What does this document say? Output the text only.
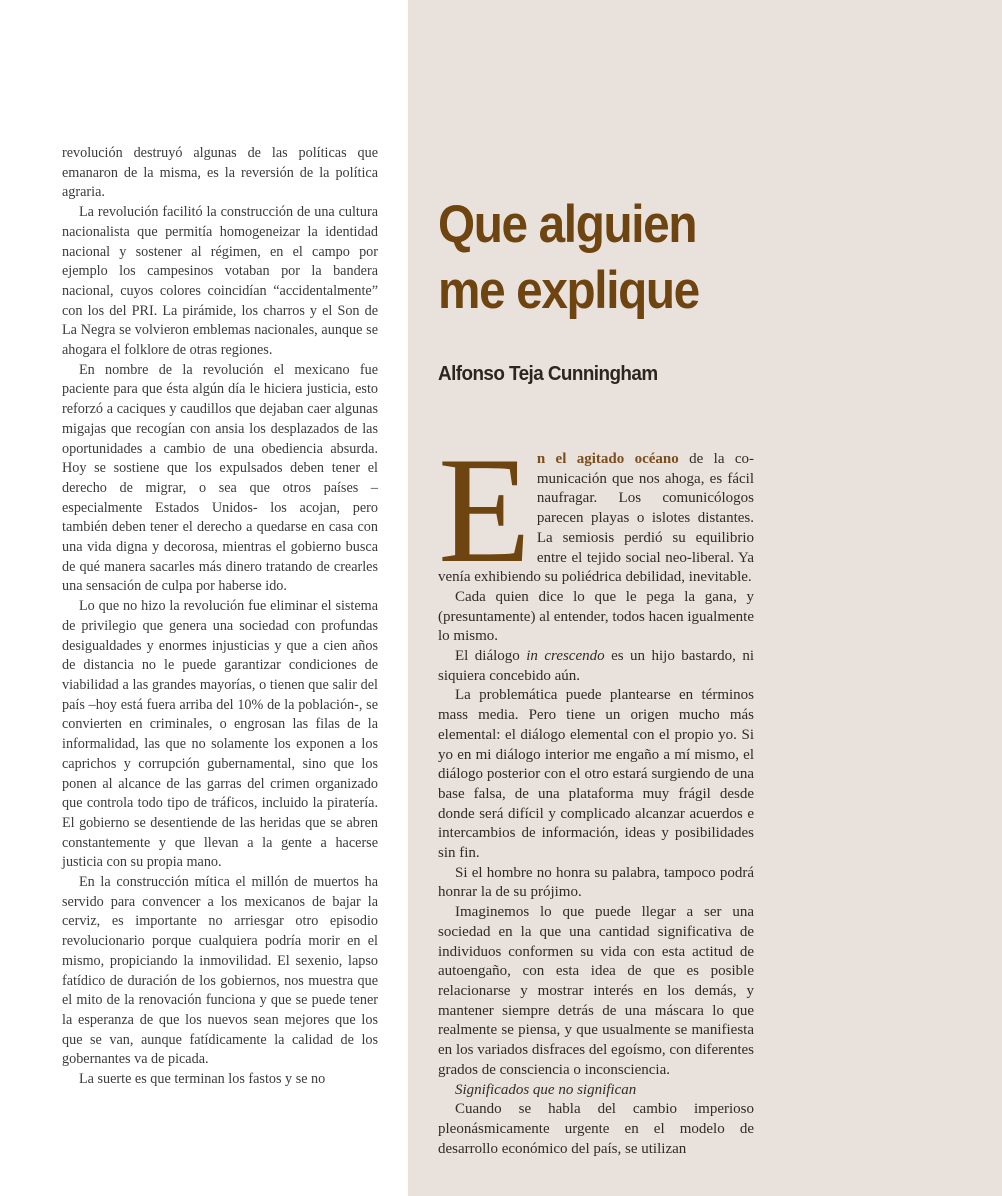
revolución destruyó algunas de las políticas que emanaron de la misma, es la reversión de la política agraria.

La revolución facilitó la construcción de una cultura nacionalista que permitía homogeneizar la identidad nacional y sostener al régimen, en el campo por ejemplo los campesinos votaban por la bandera nacional, cuyos colores coincidían “accidentalmente” con los del PRI. La pirámide, los charros y el Son de La Negra se volvieron emblemas nacionales, aunque se ahogara el folklore de otras regiones.

En nombre de la revolución el mexicano fue paciente para que ésta algún día le hiciera justicia, esto reforzó a caciques y caudillos que dejaban caer algunas migajas que recogían con ansia los desplazados de las oportunidades a cambio de una obediencia absurda. Hoy se sostiene que los expulsados deben tener el derecho de migrar, o sea que otros países –especialmente Estados Unidos- los acojan, pero también deben tener el derecho a quedarse en casa con una vida digna y decorosa, mientras el gobierno busca de qué manera sacarles más dinero tratando de crearles una sensación de culpa por haberse ido.

Lo que no hizo la revolución fue eliminar el sistema de privilegio que genera una sociedad con profundas desigualdades y enormes injusticias y que a cien años de distancia no le puede garantizar condiciones de viabilidad a las grandes mayorías, o tienen que salir del país –hoy está fuera arriba del 10% de la población-, se convierten en criminales, o engrosan las filas de la informalidad, las que no solamente los exponen a los caprichos y corrupción gubernamental, sino que los ponen al alcance de las garras del crimen organizado que controla todo tipo de tráficos, incluido la piratería. El gobierno se desentiende de las heridas que se abren constantemente y que llevan a la gente a hacerse justicia con su propia mano.

En la construcción mítica el millón de muertos ha servido para convencer a los mexicanos de bajar la cerviz, es importante no arriesgar otro episodio revolucionario porque cualquiera podría morir en el mismo, propiciando la inmovilidad. El sexenio, lapso fatídico de duración de los gobiernos, nos muestra que el mito de la renovación funciona y que se puede tener la esperanza de que los nuevos sean mejores que los que se van, aunque fatídicamente la calidad de los gobernantes va de picada.

La suerte es que terminan los fastos y se no

Que alguien
me explique
Alfonso Teja Cunningham

En el agitado océano de la comunicación que nos ahoga, es fácil naufragar. Los comunicólogos parecen playas o islotes distantes. La semiosis perdió su equilibrio entre el tejido social neo-liberal. Ya venía exhibiendo su poliédrica debilidad, inevitable.

Cada quien dice lo que le pega la gana, y (presuntamente) al entender, todos hacen igualmente lo mismo.

El diálogo in crescendo es un hijo bastardo, ni siquiera concebido aún.

La problemática puede plantearse en términos mass media. Pero tiene un origen mucho más elemental: el diálogo elemental con el propio yo. Si yo en mi diálogo interior me engaño a mí mismo, el diálogo posterior con el otro estará surgiendo de una base falsa, de una plataforma muy frágil desde donde será difícil y complicado alcanzar acuerdos e intercambios de información, ideas y posibilidades sin fin.

Si el hombre no honra su palabra, tampoco podrá honrar la de su prójimo.

Imaginemos lo que puede llegar a ser una sociedad en la que una cantidad significativa de individuos conformen su vida con esta actitud de autoengaño, con esta idea de que es posible relacionarse y mostrar interés en los demás, y mantener siempre detrás de una máscara lo que realmente se piensa, y que usualmente se manifiesta en los variados disfraces del egoísmo, con diferentes grados de consciencia o inconsciencia.

Significados que no significan

Cuando se habla del cambio imperioso pleonásmicamente urgente en el modelo de desarrollo económico del país, se utilizan
